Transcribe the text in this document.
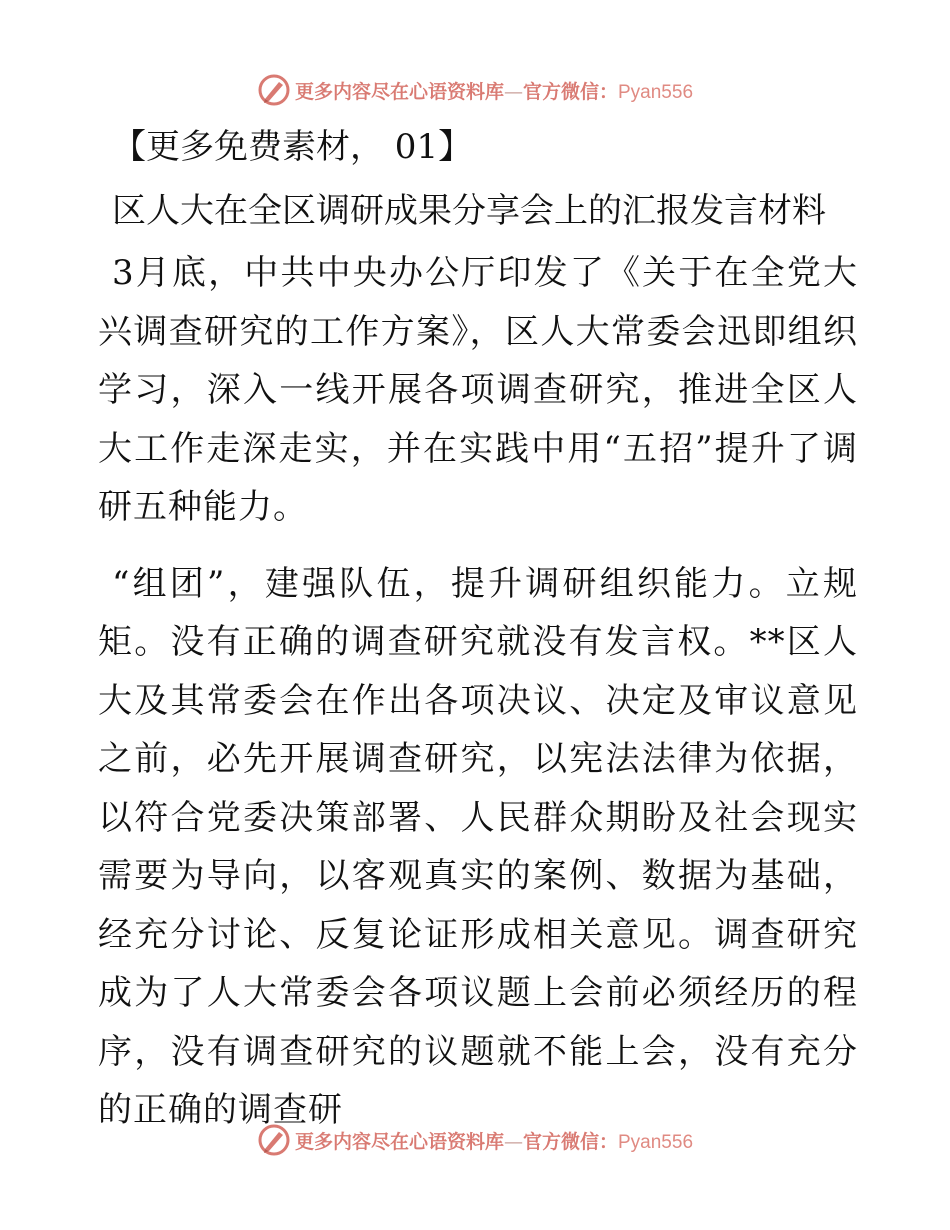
更多内容尽在心语资料库—官方微信：Pyan556
【更多免费素材， 01】
区人大在全区调研成果分享会上的汇报发言材料

3月底，中共中央办公厅印发了《关于在全党大兴调查研究的工作方案》，区人大常委会迅即组织学习，深入一线开展各项调查研究，推进全区人大工作走深走实，并在实践中用“五招”提升了调研五种能力。

“组团”，建强队伍，提升调研组织能力。立规矩。没有正确的调查研究就没有发言权。**区人大及其常委会在作出各项决议、决定及审议意见之前，必先开展调查研究，以宪法法律为依据，以符合党委决策部署、人民群众期盼及社会现实需要为导向，以客观真实的案例、数据为基础，经充分讨论、反复论证形成相关意见。调查研究成为了人大常委会各项议题上会前必须经历的程序，没有调查研究的议题就不能上会，没有充分的正确的调查研

更多内容尽在心语资料库—官方微信：Pyan556
